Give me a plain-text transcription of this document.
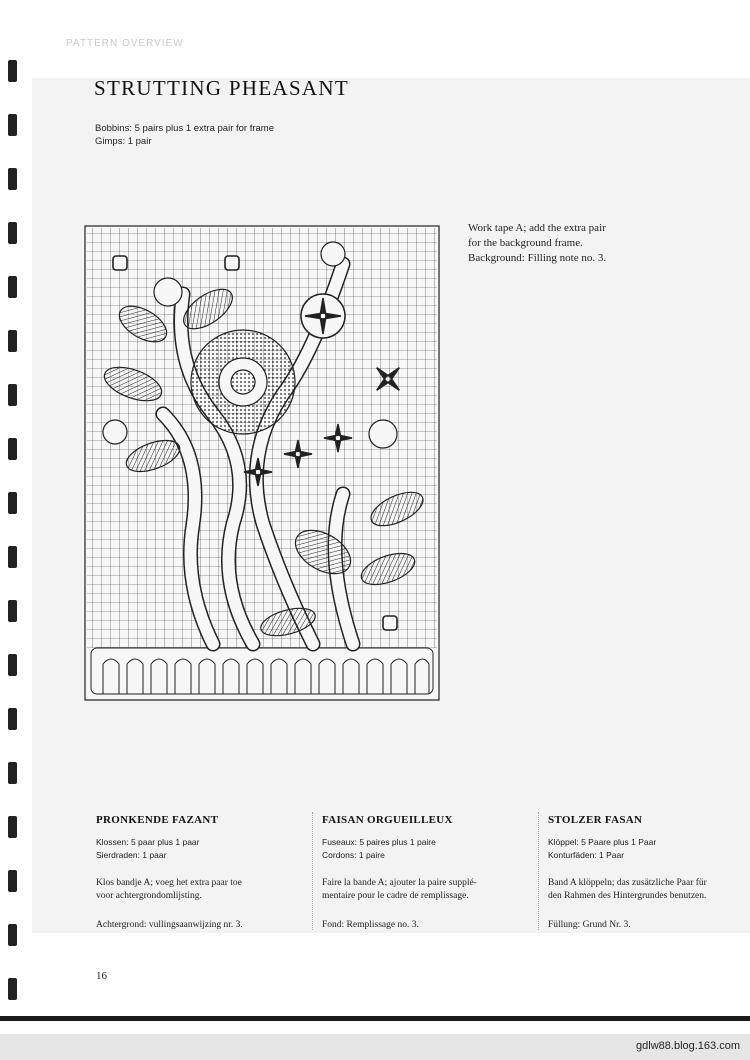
PATTERN OVERVIEW
STRUTTING PHEASANT
Bobbins: 5 pairs plus 1 extra pair for frame
Gimps: 1 pair
Work tape A; add the extra pair
for the background frame.
Background: Filling note no. 3.
PRONKENDE FAZANT
Klossen: 5 paar plus 1 paar
Sierdraden: 1 paar
Klos bandje A; voeg het extra paar toe
voor achtergrondomlijsting.
Achtergrond: vullingsaanwijzing nr. 3.
FAISAN ORGUEILLEUX
Fuseaux: 5 paires plus 1 paire
Cordons: 1 paire
Faire la bande A; ajouter la paire supplé-
mentaire pour le cadre de remplissage.
Fond: Remplissage no. 3.
STOLZER FASAN
Klöppel: 5 Paare plus 1 Paar
Konturfäden: 1 Paar
Band A klöppeln; das zusätzliche Paar für
den Rahmen des Hintergrundes benutzen.
Füllung: Grund Nr. 3.
16
gdlw88.blog.163.com
